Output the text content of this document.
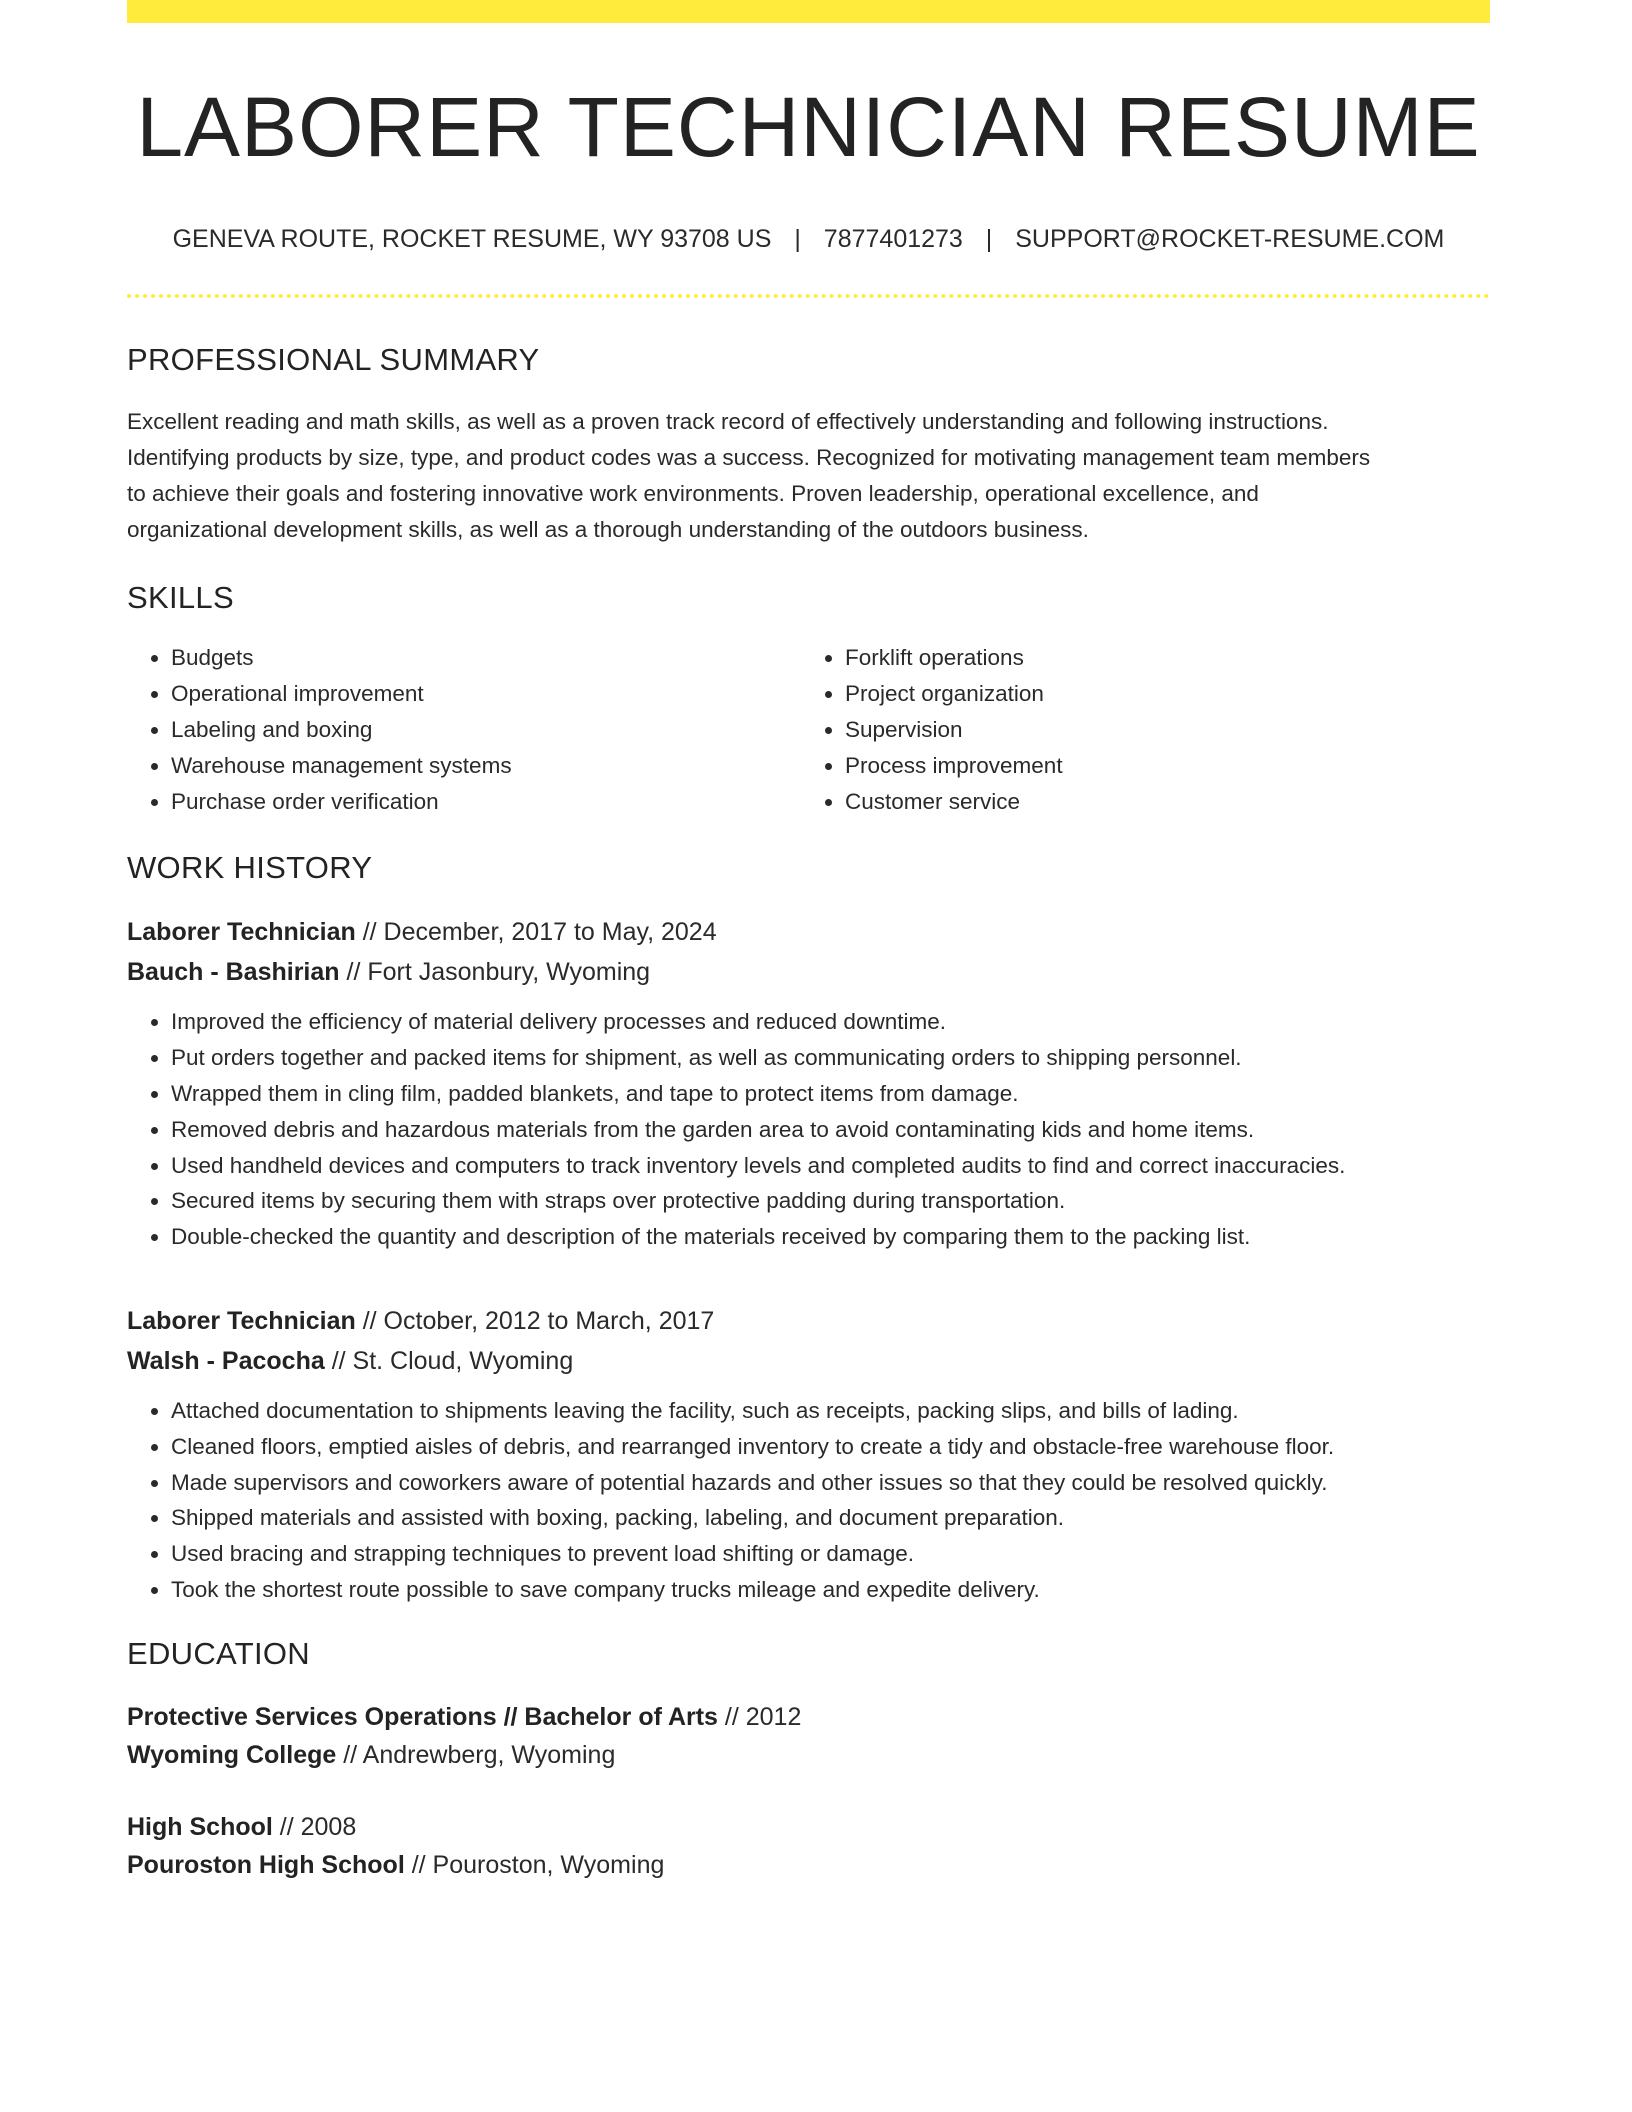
LABORER TECHNICIAN RESUME
GENEVA ROUTE, ROCKET RESUME, WY 93708 US | 7877401273 | SUPPORT@ROCKET-RESUME.COM
PROFESSIONAL SUMMARY
Excellent reading and math skills, as well as a proven track record of effectively understanding and following instructions.
Identifying products by size, type, and product codes was a success. Recognized for motivating management team members
to achieve their goals and fostering innovative work environments. Proven leadership, operational excellence, and
organizational development skills, as well as a thorough understanding of the outdoors business.
SKILLS
• Budgets
• Operational improvement
• Labeling and boxing
• Warehouse management systems
• Purchase order verification
• Forklift operations
• Project organization
• Supervision
• Process improvement
• Customer service
WORK HISTORY
Laborer Technician // December, 2017 to May, 2024
Bauch - Bashirian // Fort Jasonbury, Wyoming
• Improved the efficiency of material delivery processes and reduced downtime.
• Put orders together and packed items for shipment, as well as communicating orders to shipping personnel.
• Wrapped them in cling film, padded blankets, and tape to protect items from damage.
• Removed debris and hazardous materials from the garden area to avoid contaminating kids and home items.
• Used handheld devices and computers to track inventory levels and completed audits to find and correct inaccuracies.
• Secured items by securing them with straps over protective padding during transportation.
• Double-checked the quantity and description of the materials received by comparing them to the packing list.
Laborer Technician // October, 2012 to March, 2017
Walsh - Pacocha // St. Cloud, Wyoming
• Attached documentation to shipments leaving the facility, such as receipts, packing slips, and bills of lading.
• Cleaned floors, emptied aisles of debris, and rearranged inventory to create a tidy and obstacle-free warehouse floor.
• Made supervisors and coworkers aware of potential hazards and other issues so that they could be resolved quickly.
• Shipped materials and assisted with boxing, packing, labeling, and document preparation.
• Used bracing and strapping techniques to prevent load shifting or damage.
• Took the shortest route possible to save company trucks mileage and expedite delivery.
EDUCATION
Protective Services Operations // Bachelor of Arts // 2012
Wyoming College // Andrewberg, Wyoming
High School // 2008
Pouroston High School // Pouroston, Wyoming
